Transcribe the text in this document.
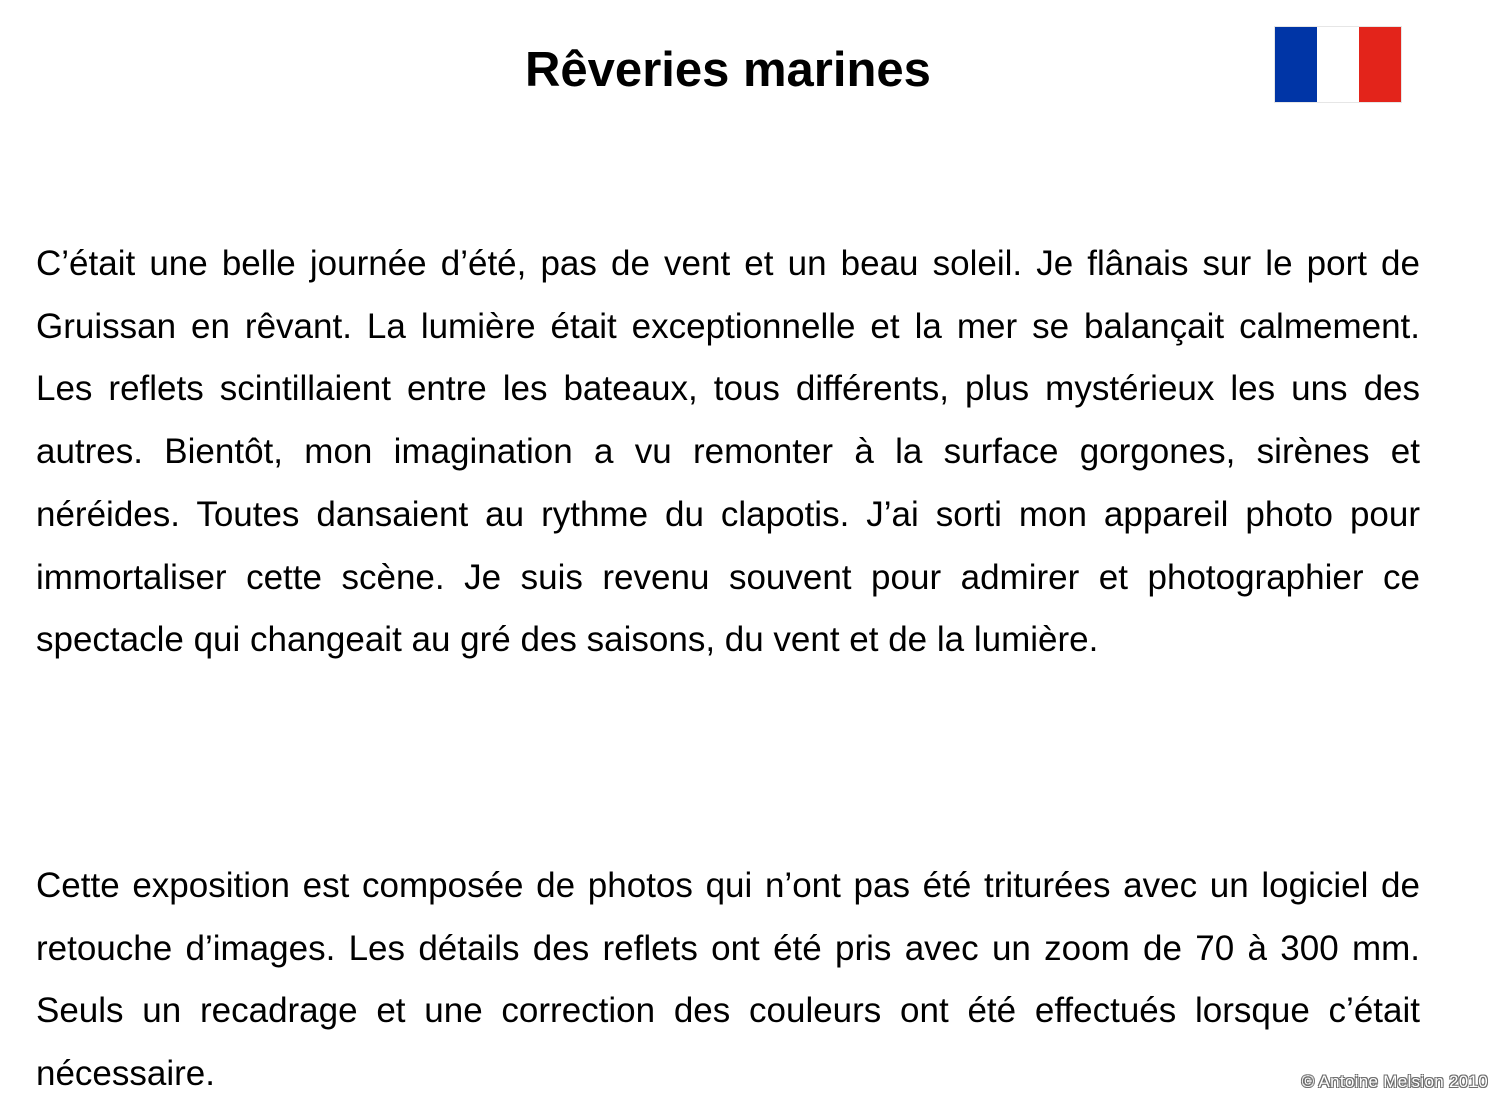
Rêveries marines

C’était une belle journée d’été, pas de vent et un beau soleil. Je flânais sur le port de Gruissan en rêvant. La lumière était exceptionnelle et la mer se balançait calmement. Les reflets scintillaient entre les bateaux, tous différents, plus mystérieux les uns des autres. Bientôt, mon imagination a vu remonter à la surface gorgones, sirènes et néréides. Toutes dansaient au rythme du clapotis. J’ai sorti mon appareil photo pour immortaliser cette scène. Je suis revenu souvent pour admirer et photographier ce spectacle qui changeait au gré des saisons, du vent et de la lumière.

Cette exposition est composée de photos qui n’ont pas été triturées avec un logiciel de retouche d’images. Les détails des reflets ont été pris avec un zoom de 70 à 300 mm. Seuls un recadrage et une correction des couleurs ont été effectués lorsque c’était nécessaire.	© Antoine Melsion 2010
